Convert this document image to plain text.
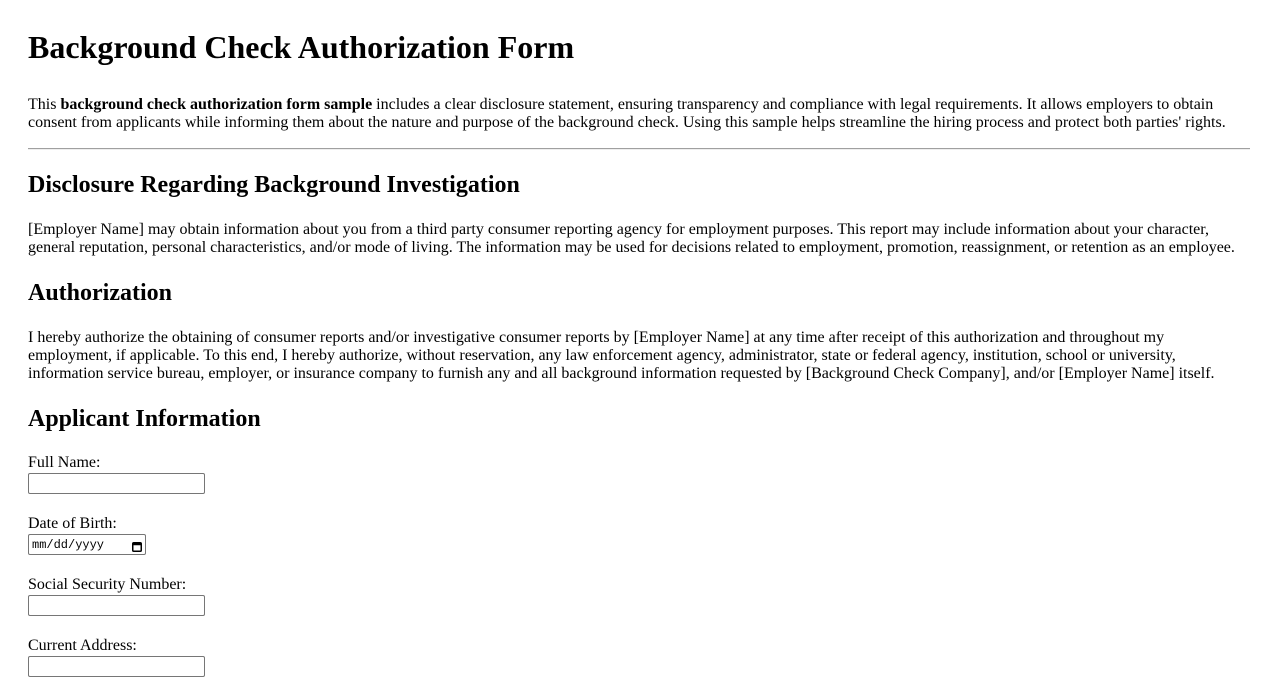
Background Check Authorization Form

This background check authorization form sample includes a clear disclosure statement, ensuring transparency and compliance with legal requirements. It allows employers to obtain consent from applicants while informing them about the nature and purpose of the background check. Using this sample helps streamline the hiring process and protect both parties' rights.

Disclosure Regarding Background Investigation

[Employer Name] may obtain information about you from a third party consumer reporting agency for employment purposes. This report may include information about your character, general reputation, personal characteristics, and/or mode of living. The information may be used for decisions related to employment, promotion, reassignment, or retention as an employee.

Authorization

I hereby authorize the obtaining of consumer reports and/or investigative consumer reports by [Employer Name] at any time after receipt of this authorization and throughout my employment, if applicable. To this end, I hereby authorize, without reservation, any law enforcement agency, administrator, state or federal agency, institution, school or university, information service bureau, employer, or insurance company to furnish any and all background information requested by [Background Check Company], and/or [Employer Name] itself.

Applicant Information
Full Name:
Date of Birth:
mm/dd/yyyy
Social Security Number:
Current Address:
